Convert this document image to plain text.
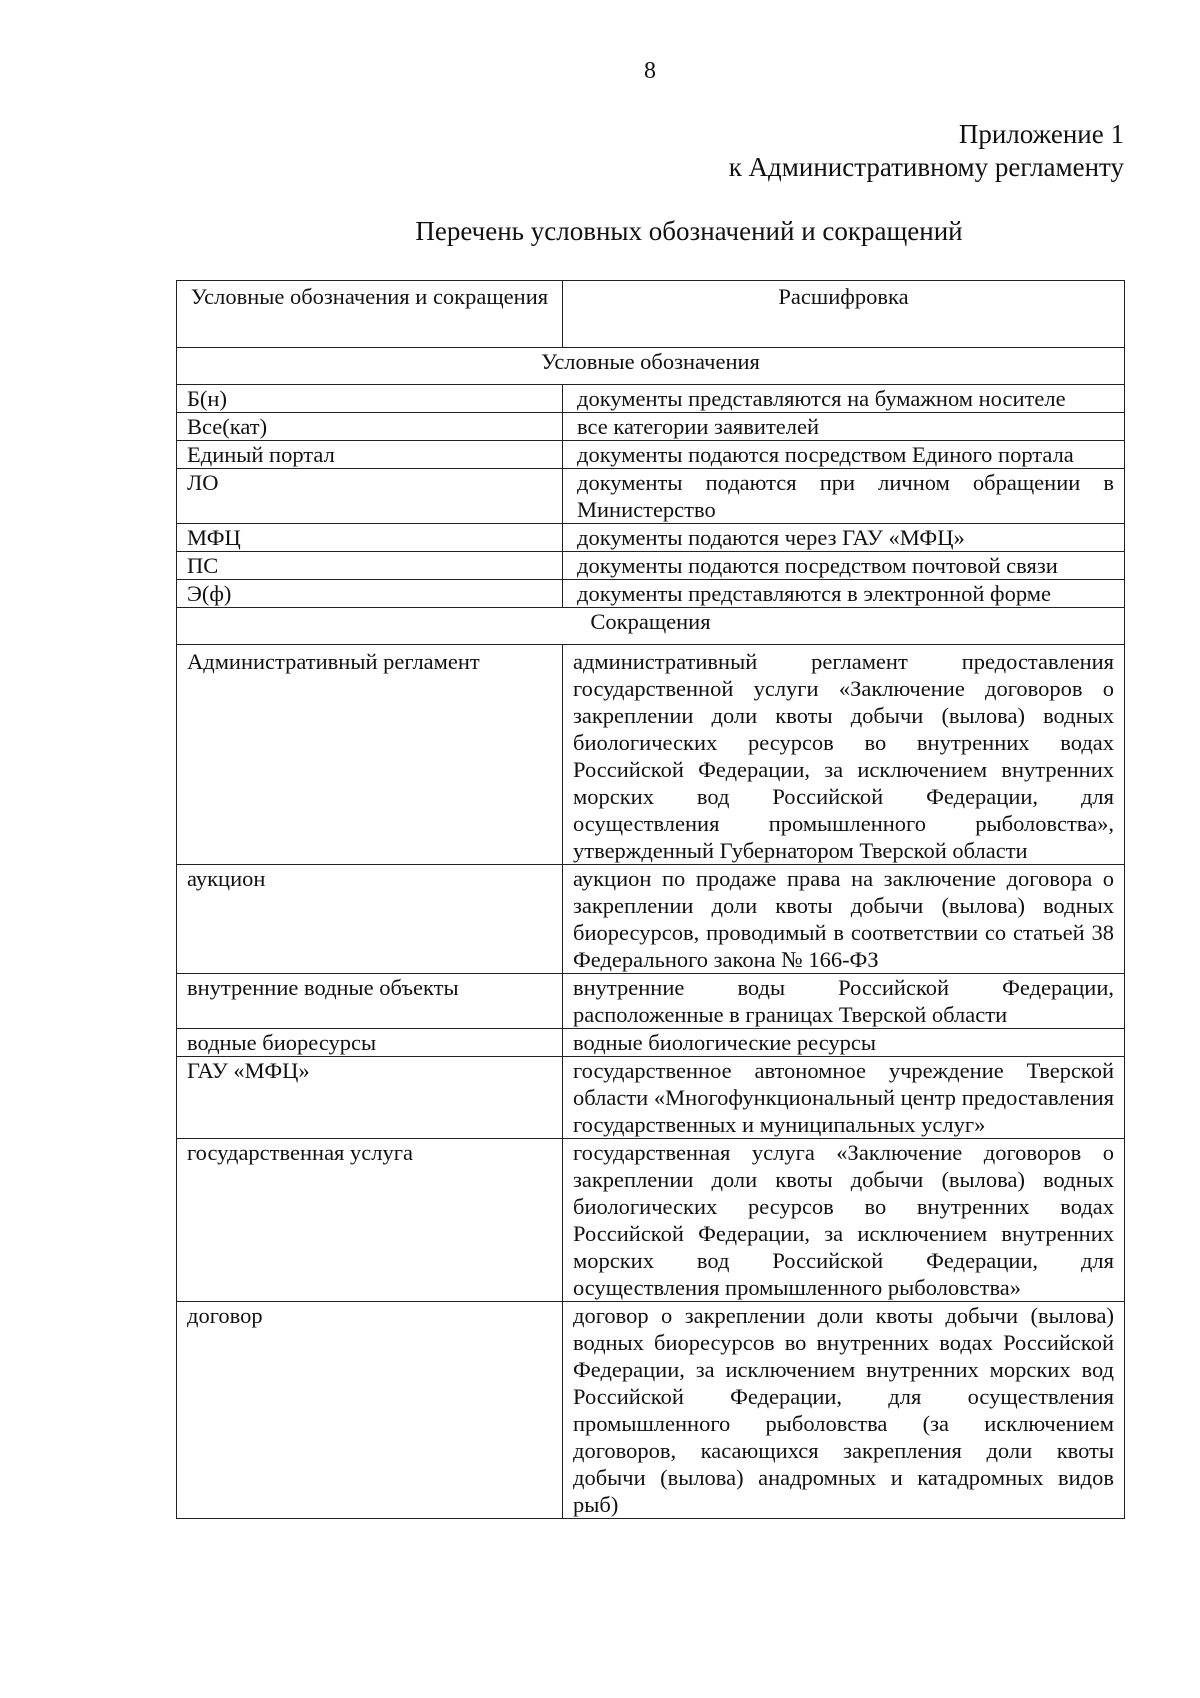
8
Приложение 1
к Административному регламенту
Перечень условных обозначений и сокращений
Условные обозначения и сокращения	Расшифровка
Условные обозначения	
Б(н)	документы представляются на бумажном носителе
Все(кат)	все категории заявителей
Единый портал	документы подаются посредством Единого портала
ЛО	документы подаются при личном обращении в Министерство
МФЦ	документы подаются через ГАУ «МФЦ»
ПС	документы подаются посредством почтовой связи
Э(ф)	документы представляются в электронной форме
Сокращения	
Административный регламент	административный регламент предоставления государственной услуги «Заключение договоров о закреплении доли квоты добычи (вылова) водных биологических ресурсов во внутренних водах Российской Федерации, за исключением внутренних морских вод Российской Федерации, для осуществления промышленного рыболовства», утвержденный Губернатором Тверской области
аукцион	аукцион по продаже права на заключение договора о закреплении доли квоты добычи (вылова) водных биоресурсов, проводимый в соответствии со статьей 38 Федерального закона № 166-ФЗ
внутренние водные объекты	внутренние воды Российской Федерации, расположенные в границах Тверской области
водные биоресурсы	водные биологические ресурсы
ГАУ «МФЦ»	государственное автономное учреждение Тверской области «Многофункциональный центр предоставления государственных и муниципальных услуг»
государственная услуга	государственная услуга «Заключение договоров о закреплении доли квоты добычи (вылова) водных биологических ресурсов во внутренних водах Российской Федерации, за исключением внутренних морских вод Российской Федерации, для осуществления промышленного рыболовства»
договор	договор о закреплении доли квоты добычи (вылова) водных биоресурсов во внутренних водах Российской Федерации, за исключением внутренних морских вод Российской Федерации, для осуществления промышленного рыболовства (за исключением договоров, касающихся закрепления доли квоты добычи (вылова) анадромных и катадромных видов рыб)
